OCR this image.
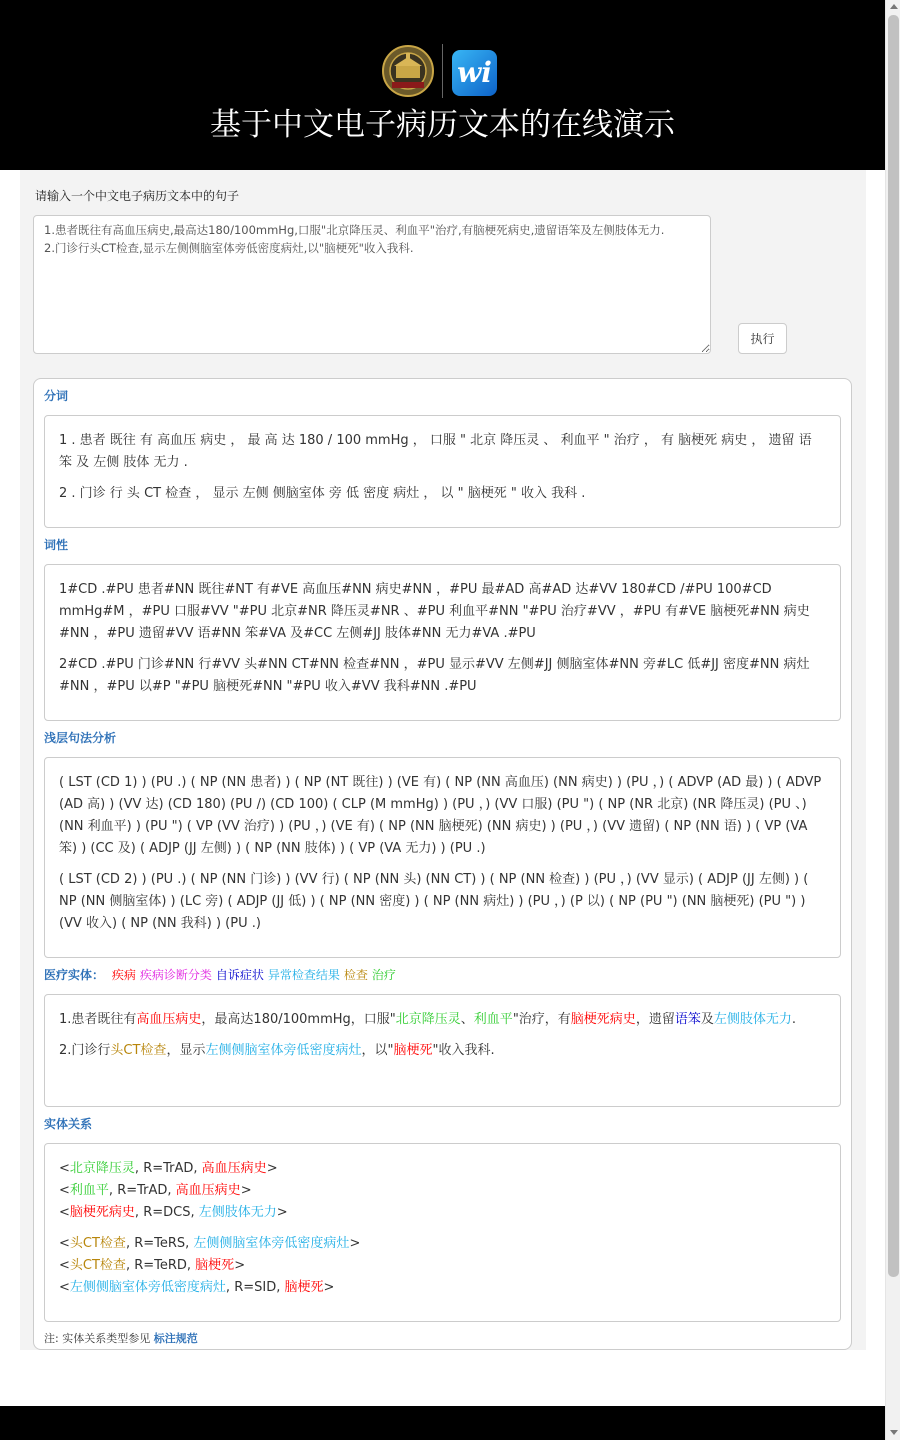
wi
基于中文电子病历文本的在线演示
请输入一个中文电子病历文本中的句子
1.患者既往有高血压病史,最高达180/100mmHg,口服"北京降压灵、利血平"治疗,有脑梗死病史,遗留语笨及左侧肢体无力. 2.门诊行头CT检查,显示左侧侧脑室体旁低密度病灶,以"脑梗死"收入我科.
执行
分词

1 . 患者 既往 有 高血压 病史 ， 最 高 达 180 / 100 mmHg ， 口服 " 北京 降压灵 、 利血平 " 治疗 ， 有 脑梗死 病史 ， 遗留 语 笨 及 左侧 肢体 无力 .

2 . 门诊 行 头 CT 检查 ， 显示 左侧 侧脑室体 旁 低 密度 病灶 ， 以 " 脑梗死 " 收入 我科 .

词性

1#CD .#PU 患者#NN 既往#NT 有#VE 高血压#NN 病史#NN ，#PU 最#AD 高#AD 达#VV 180#CD /#PU 100#CD mmHg#M ，#PU 口服#VV "#PU 北京#NR 降压灵#NR 、#PU 利血平#NN "#PU 治疗#VV ，#PU 有#VE 脑梗死#NN 病史#NN ，#PU 遗留#VV 语#NN 笨#VA 及#CC 左侧#JJ 肢体#NN 无力#VA .#PU

2#CD .#PU 门诊#NN 行#VV 头#NN CT#NN 检查#NN ，#PU 显示#VV 左侧#JJ 侧脑室体#NN 旁#LC 低#JJ 密度#NN 病灶#NN ，#PU 以#P "#PU 脑梗死#NN "#PU 收入#VV 我科#NN .#PU

浅层句法分析

( LST (CD 1) ) (PU .) ( NP (NN 患者) ) ( NP (NT 既往) ) (VE 有) ( NP (NN 高血压) (NN 病史) ) (PU ，) ( ADVP (AD 最) ) ( ADVP (AD 高) ) (VV 达) (CD 180) (PU /) (CD 100) ( CLP (M mmHg) ) (PU ，) (VV 口服) (PU ") ( NP (NR 北京) (NR 降压灵) (PU 、) (NN 利血平) ) (PU ") ( VP (VV 治疗) ) (PU ，) (VE 有) ( NP (NN 脑梗死) (NN 病史) ) (PU ，) (VV 遗留) ( NP (NN 语) ) ( VP (VA 笨) ) (CC 及) ( ADJP (JJ 左侧) ) ( NP (NN 肢体) ) ( VP (VA 无力) ) (PU .)

( LST (CD 2) ) (PU .) ( NP (NN 门诊) ) (VV 行) ( NP (NN 头) (NN CT) ) ( NP (NN 检查) ) (PU ，) (VV 显示) ( ADJP (JJ 左侧) ) ( NP (NN 侧脑室体) ) (LC 旁) ( ADJP (JJ 低) ) ( NP (NN 密度) ) ( NP (NN 病灶) ) (PU ，) (P 以) ( NP (PU ") (NN 脑梗死) (PU ") ) (VV 收入) ( NP (NN 我科) ) (PU .)

医疗实体： 疾病 疾病诊断分类 自诉症状 异常检查结果 检查 治疗

1.患者既往有高血压病史，最高达180/100mmHg，口服"北京降压灵、利血平"治疗，有脑梗死病史，遗留语笨及左侧肢体无力.

2.门诊行头CT检查，显示左侧侧脑室体旁低密度病灶，以"脑梗死"收入我科.

实体关系
<北京降压灵, R=TrAD, 高血压病史>
<利血平, R=TrAD, 高血压病史>
<脑梗死病史, R=DCS, 左侧肢体无力>
<头CT检查, R=TeRS, 左侧侧脑室体旁低密度病灶>
<头CT检查, R=TeRD, 脑梗死>
<左侧侧脑室体旁低密度病灶, R=SID, 脑梗死>
注: 实体关系类型参见 标注规范
